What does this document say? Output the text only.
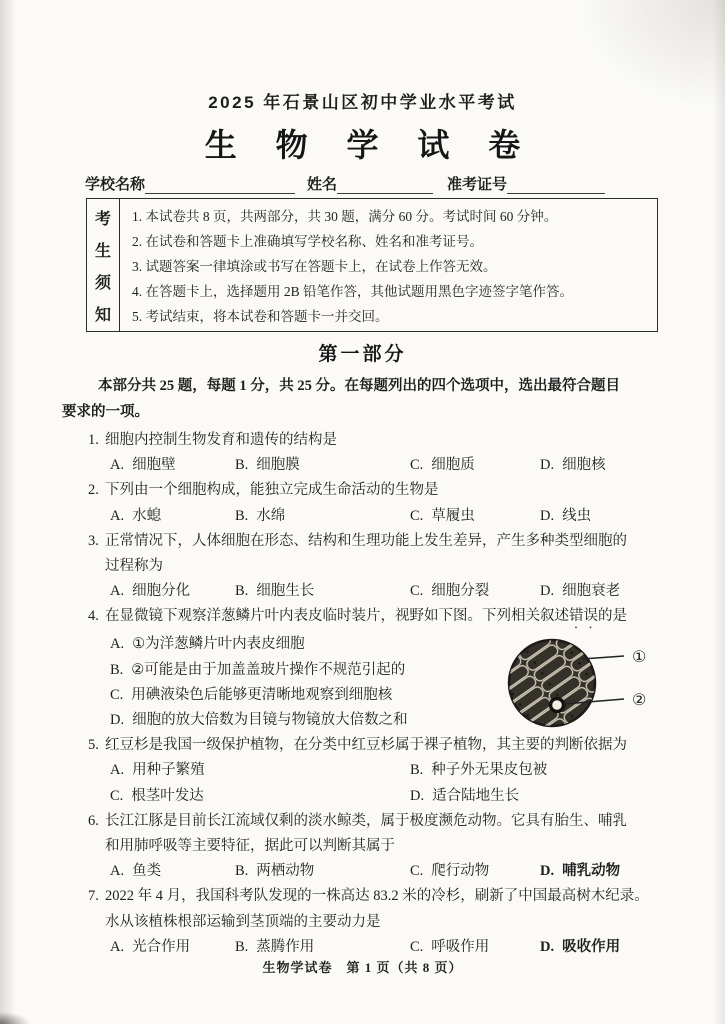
2025 年石景山区初中学业水平考试
生 物 学 试 卷
学校名称	姓名	准考证号
考
生
须
知
1. 本试卷共 8 页，共两部分，共 30 题，满分 60 分。考试时间 60 分钟。
2. 在试卷和答题卡上准确填写学校名称、姓名和准考证号。
3. 试题答案一律填涂或书写在答题卡上，在试卷上作答无效。
4. 在答题卡上，选择题用 2B 铅笔作答，其他试题用黑色字迹签字笔作答。
5. 考试结束，将本试卷和答题卡一并交回。
第一部分
本部分共 25 题，每题 1 分，共 25 分。在每题列出的四个选项中，选出最符合题目
要求的一项。
1. 细胞内控制生物发育和遗传的结构是
A. 细胞壁	B. 细胞膜	C. 细胞质	D. 细胞核
2. 下列由一个细胞构成，能独立完成生命活动的生物是
A. 水螅	B. 水绵	C. 草履虫	D. 线虫
3. 正常情况下，人体细胞在形态、结构和生理功能上发生差异，产生多种类型细胞的
过程称为
A. 细胞分化	B. 细胞生长	C. 细胞分裂	D. 细胞衰老
4. 在显微镜下观察洋葱鳞片叶内表皮临时装片，视野如下图。下列相关叙述错误的是
A. ①为洋葱鳞片叶内表皮细胞
B. ②可能是由于加盖盖玻片操作不规范引起的
C. 用碘液染色后能够更清晰地观察到细胞核
D. 细胞的放大倍数为目镜与物镜放大倍数之和
5. 红豆杉是我国一级保护植物，在分类中红豆杉属于裸子植物，其主要的判断依据为
A. 用种子繁殖	B. 种子外无果皮包被
C. 根茎叶发达	D. 适合陆地生长
6. 长江江豚是目前长江流域仅剩的淡水鲸类，属于极度濒危动物。它具有胎生、哺乳
和用肺呼吸等主要特征，据此可以判断其属于
A. 鱼类	B. 两栖动物	C. 爬行动物	D. 哺乳动物
7. 2022 年 4 月，我国科考队发现的一株高达 83.2 米的冷杉，刷新了中国最高树木纪录。
水从该植株根部运输到茎顶端的主要动力是
A. 光合作用	B. 蒸腾作用	C. 呼吸作用	D. 吸收作用
①
②
生物学试卷　第 1 页（共 8 页）
